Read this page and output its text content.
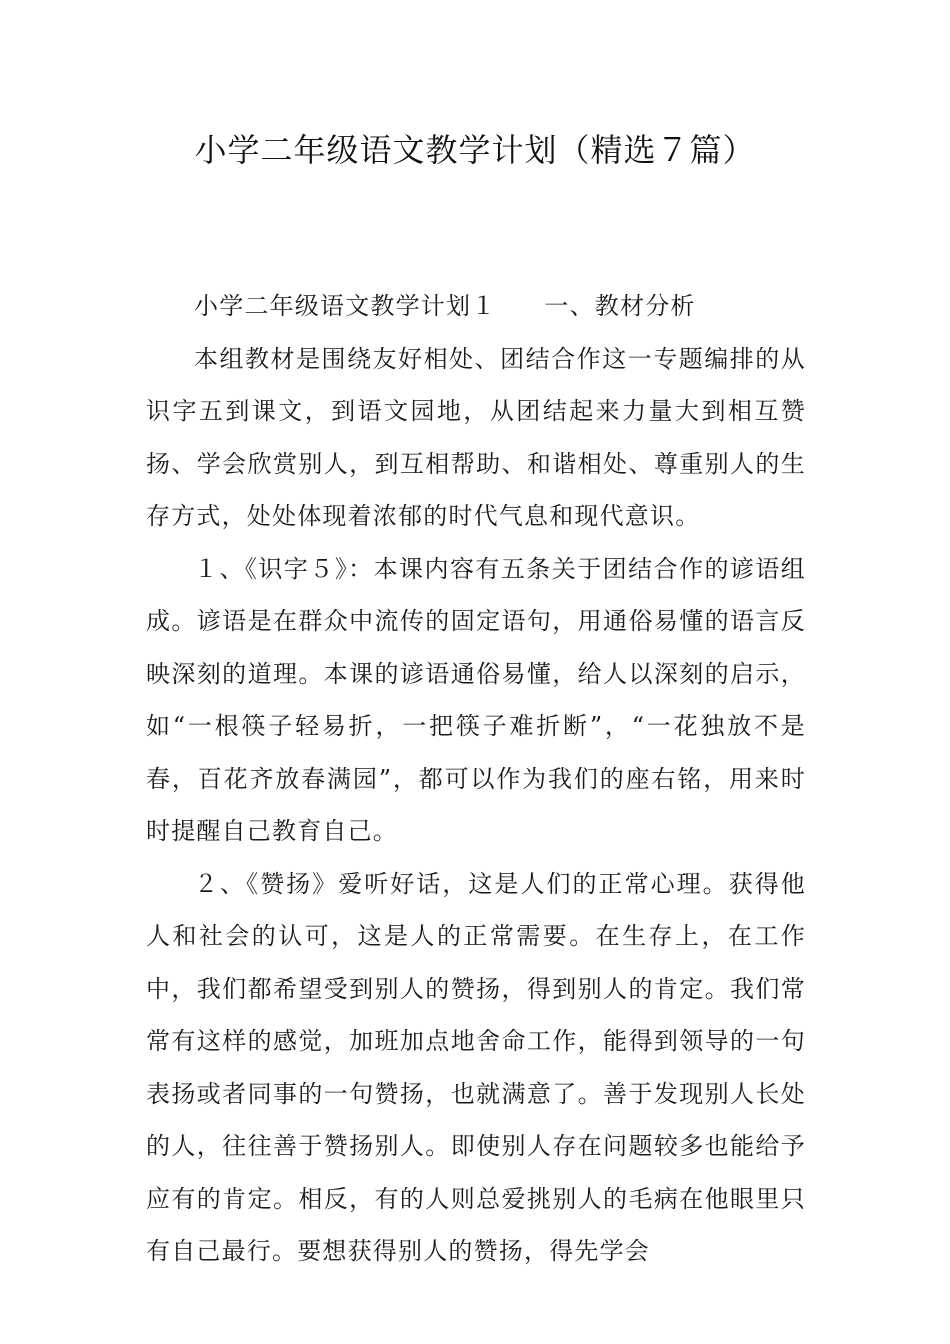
小学二年级语文教学计划（精选７篇）

小学二年级语文教学计划１ 一、教材分析

本组教材是围绕友好相处、团结合作这一专题编排的从识字五到课文，到语文园地，从团结起来力量大到相互赞扬、学会欣赏别人，到互相帮助、和谐相处、尊重别人的生存方式，处处体现着浓郁的时代气息和现代意识。

１、《识字５》：本课内容有五条关于团结合作的谚语组成。谚语是在群众中流传的固定语句，用通俗易懂的语言反映深刻的道理。本课的谚语通俗易懂，给人以深刻的启示，如“一根筷子轻易折，一把筷子难折断”，“一花独放不是春，百花齐放春满园”，都可以作为我们的座右铭，用来时时提醒自己教育自己。

２、《赞扬》爱听好话，这是人们的正常心理。获得他人和社会的认可，这是人的正常需要。在生存上，在工作中，我们都希望受到别人的赞扬，得到别人的肯定。我们常常有这样的感觉，加班加点地舍命工作，能得到领导的一句表扬或者同事的一句赞扬，也就满意了。善于发现别人长处的人，往往善于赞扬别人。即使别人存在问题较多也能给予应有的肯定。相反，有的人则总爱挑别人的毛病在他眼里只有自己最行。要想获得别人的赞扬，得先学会
